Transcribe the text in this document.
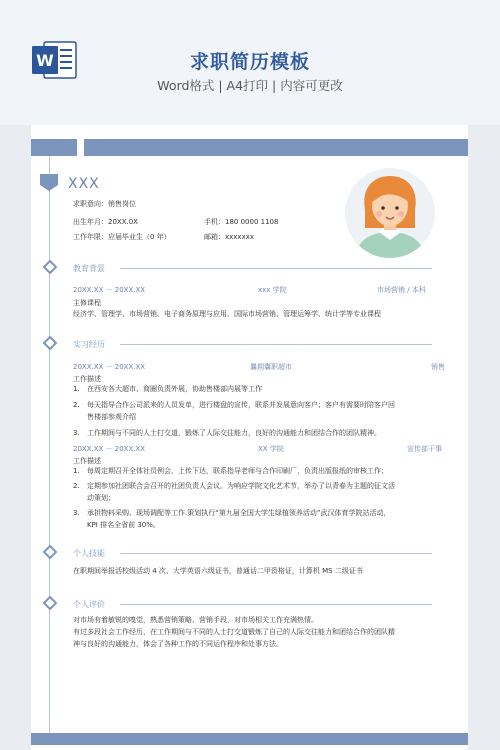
W	求职简历模板
Word格式 | A4打印 | 内容可更改
XXX
求职意向：销售岗位
出生年月：20XX.0X	手机：180 0000 1108
工作年限：应届毕业生（0 年）	邮箱：xxxxxxx
教育背景
20XX.XX － 20XX.XX	xxx 学院	市场营销 / 本科
主修课程
经济学、管理学、市场营销、电子商务原理与应用、国际市场营销、管理运筹学、统计学等专业课程
实习经历
20XX.XX － 20XX.XX	曩期囊职超市	销售
工作描述
1. 在西安各大超市、商圈负责外展，协助售楼部内展等工作
2. 每天指导合作公司派来的人员发单，进行楼盘的宣传，联系并发展意向客户；客户有需要时陪客户回
售楼部参观介绍
3. 工作期间与不同的人士打交道，锻炼了人际交往能力，良好的沟通能力和团结合作的团队精神。
20XX.XX － 20XX.XX	XX 学院	宣传部干事
工作描述
1. 每周定期召开全体社员例会，上传下达，联系指导老师与合作印刷厂，负责出版报纸的审核工作；
2. 定期参加社团联合会召开的社团负责人会议。为响应学院文化艺术节，举办了以青春为主题的征文活
动策划；
3. 承担物料采购、现场调配等工作.策划执行“第九届全国大学生绿植领养活动”武汉体育学院站活动，
KPI 排名全省前 30%。
个人技能
在职期间举报活校级活动 4 次、大学英语六级证书，普通话二甲资格证，计算机 MS 二级证书
个人评价
对市场有着敏锐的嗅觉，熟悉营销策略、营销手段，对市场相关工作充满热情。
有过多段社会工作经历，在工作期间与不同的人士打交道锻炼了自己的人际交往能力和团结合作的团队精
神与良好的沟通能力，体会了各种工作的不同运作程序和处事方法。
